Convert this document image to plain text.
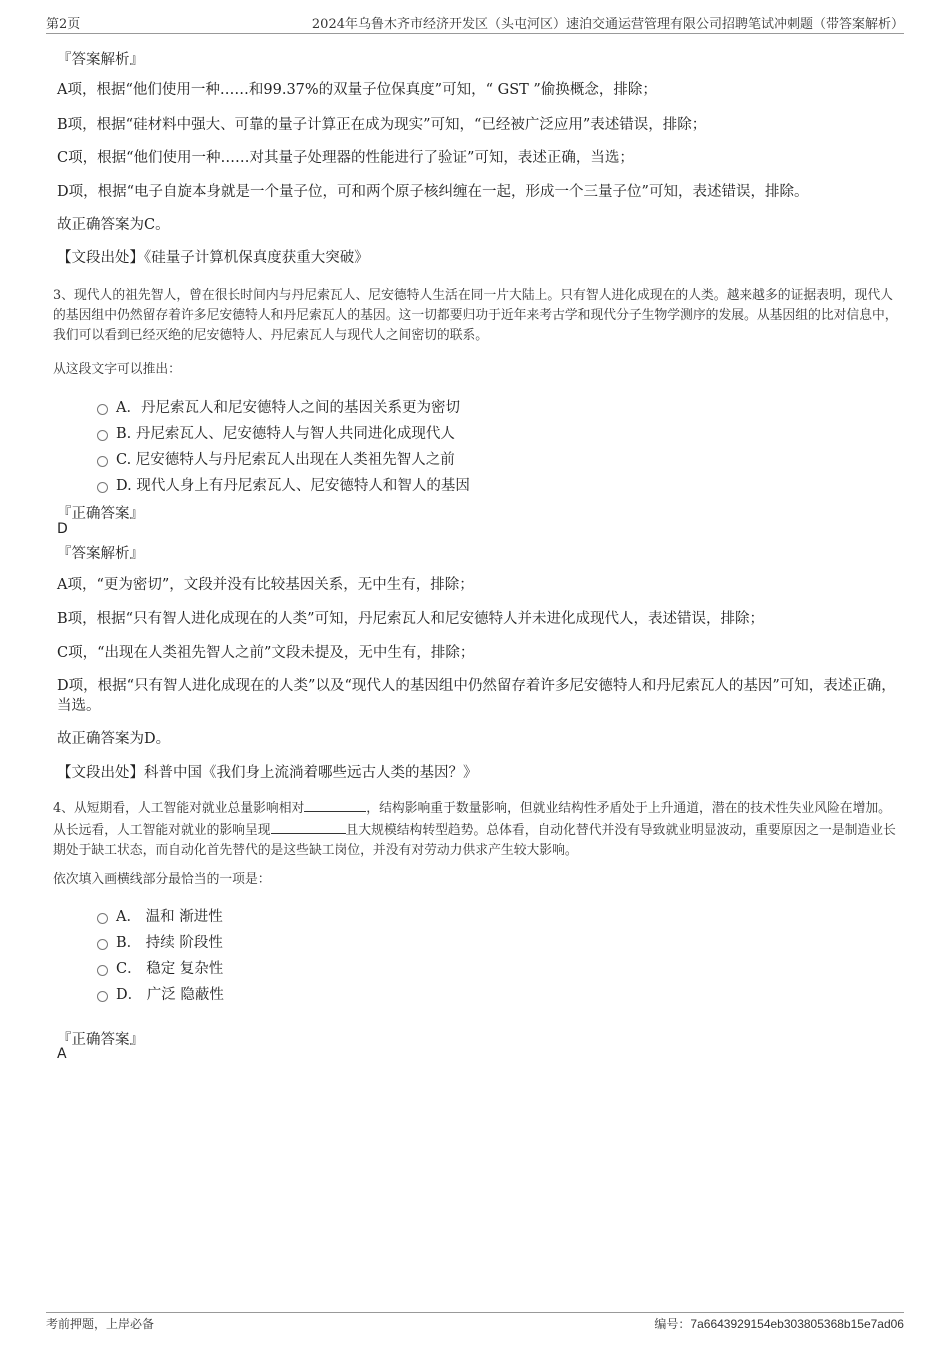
第2页	2024年乌鲁木齐市经济开发区（头屯河区）速泊交通运营管理有限公司招聘笔试冲刺题（带答案解析）
『答案解析』
A项，根据“他们使用一种……和99.37%的双量子位保真度”可知，“ GST ”偷换概念，排除；
B项，根据“硅材料中强大、可靠的量子计算正在成为现实”可知，“已经被广泛应用”表述错误，排除；
C项，根据“他们使用一种……对其量子处理器的性能进行了验证”可知，表述正确，当选；
D项，根据“电子自旋本身就是一个量子位，可和两个原子核纠缠在一起，形成一个三量子位”可知，表述错误，排除。
故正确答案为C。
【文段出处】《硅量子计算机保真度获重大突破》
3、现代人的祖先智人，曾在很长时间内与丹尼索瓦人、尼安德特人生活在同一片大陆上。只有智人进化成现在的人类。越来越多的证据表明，现代人的基因组中仍然留存着许多尼安德特人和丹尼索瓦人的基因。这一切都要归功于近年来考古学和现代分子生物学测序的发展。从基因组的比对信息中，我们可以看到已经灭绝的尼安德特人、丹尼索瓦人与现代人之间密切的联系。
从这段文字可以推出：
A．丹尼索瓦人和尼安德特人之间的基因关系更为密切
B. 丹尼索瓦人、尼安德特人与智人共同进化成现代人
C. 尼安德特人与丹尼索瓦人出现在人类祖先智人之前
D. 现代人身上有丹尼索瓦人、尼安德特人和智人的基因
『正确答案』
D
『答案解析』
A项，“更为密切”，文段并没有比较基因关系，无中生有，排除；
B项，根据“只有智人进化成现在的人类”可知，丹尼索瓦人和尼安德特人并未进化成现代人，表述错误，排除；
C项，“出现在人类祖先智人之前”文段未提及，无中生有，排除；
D项，根据“只有智人进化成现在的人类”以及“现代人的基因组中仍然留存着许多尼安德特人和丹尼索瓦人的基因”可知，表述正确，当选。
故正确答案为D。
【文段出处】科普中国《我们身上流淌着哪些远古人类的基因？》
4、从短期看，人工智能对就业总量影响相对	，结构影响重于数量影响，但就业结构性矛盾处于上升通道，潜在的技术性失业风险在增加。从长远看，人工智能对就业的影响呈现	且大规模结构转型趋势。总体看，自动化替代并没有导致就业明显波动，重要原因之一是制造业长期处于缺工状态，而自动化首先替代的是这些缺工岗位，并没有对劳动力供求产生较大影响。
依次填入画横线部分最恰当的一项是：
A． 温和 渐进性
B． 持续 阶段性
C． 稳定 复杂性
D． 广泛 隐蔽性
『正确答案』
A
考前押题，上岸必备	编号：7a6643929154eb303805368b15e7ad06
